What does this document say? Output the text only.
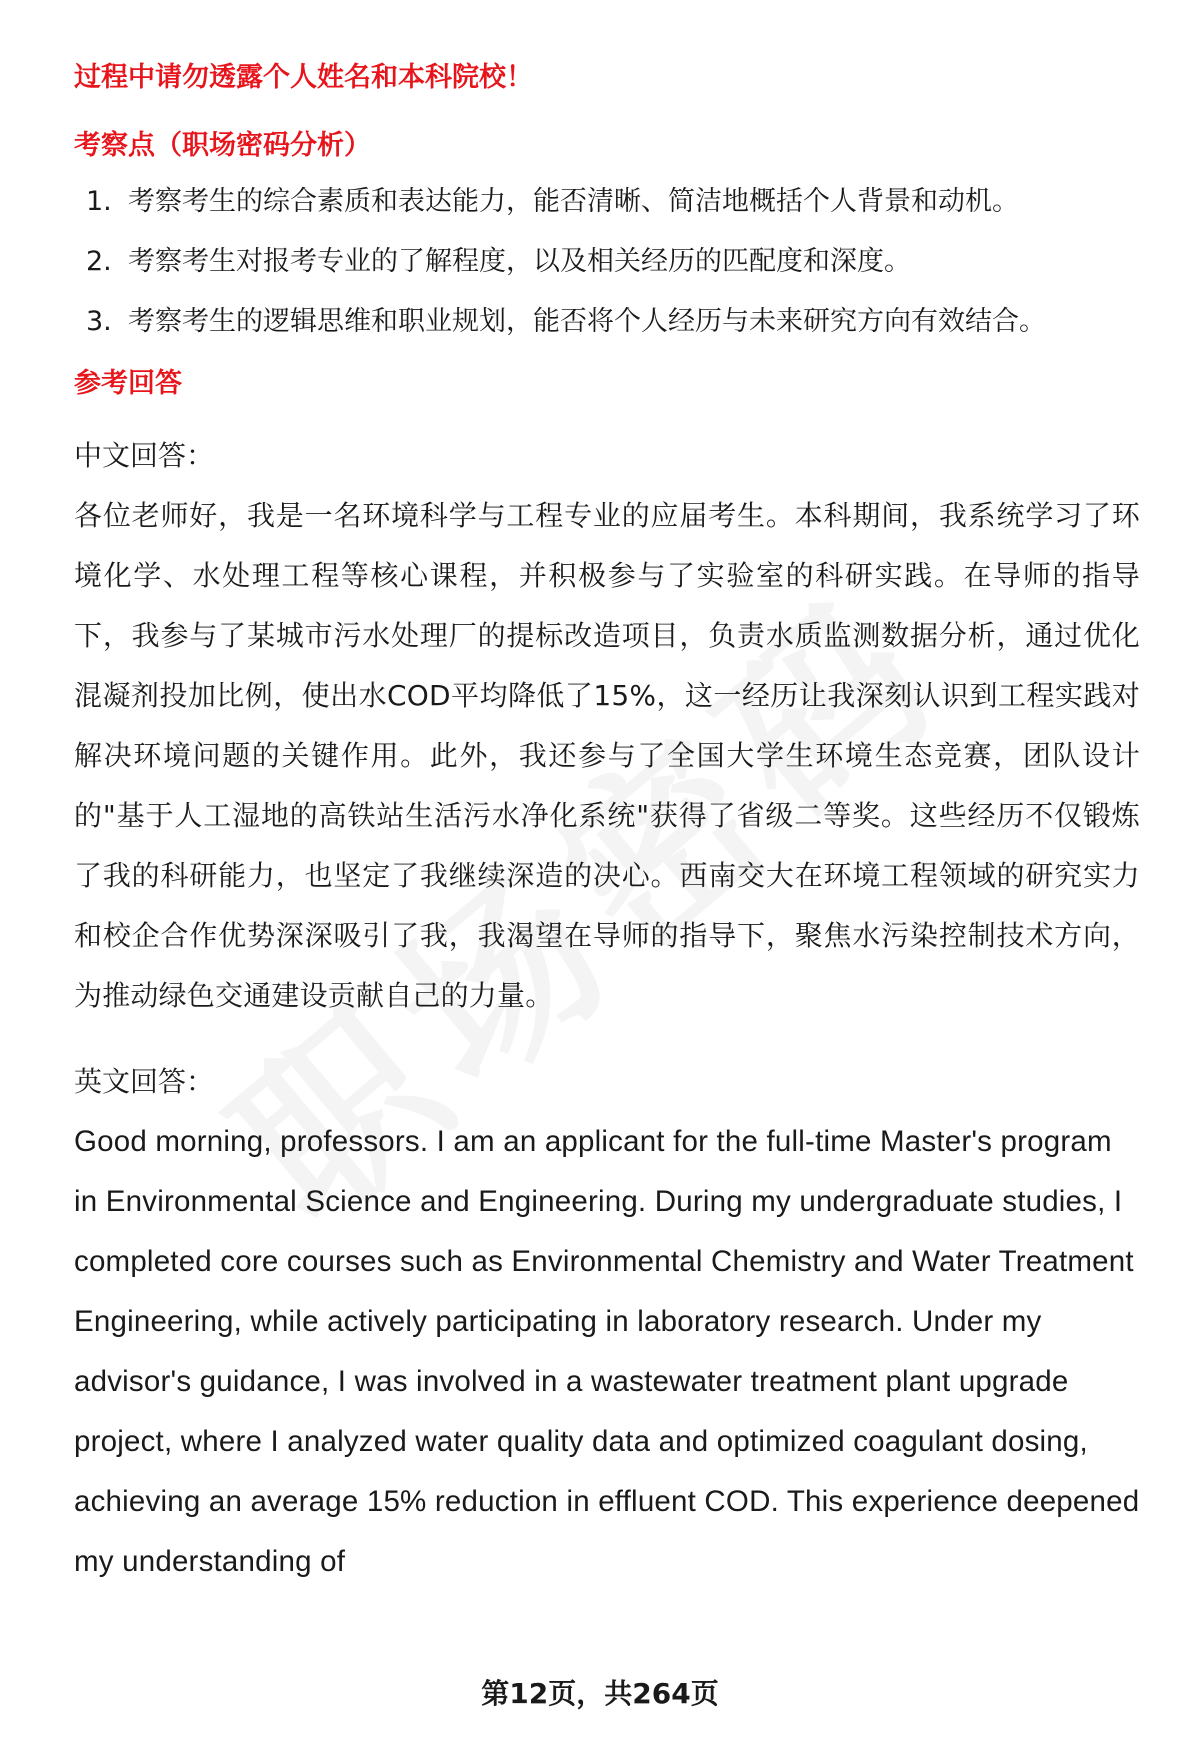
过程中请勿透露个人姓名和本科院校！
考察点（职场密码分析）
1. 考察考生的综合素质和表达能力，能否清晰、简洁地概括个人背景和动机。
2. 考察考生对报考专业的了解程度，以及相关经历的匹配度和深度。
3. 考察考生的逻辑思维和职业规划，能否将个人经历与未来研究方向有效结合。
参考回答
中文回答：
各位老师好，我是一名环境科学与工程专业的应届考生。本科期间，我系统学习了环境化学、水处理工程等核心课程，并积极参与了实验室的科研实践。在导师的指导下，我参与了某城市污水处理厂的提标改造项目，负责水质监测数据分析，通过优化混凝剂投加比例，使出水COD平均降低了15%，这一经历让我深刻认识到工程实践对解决环境问题的关键作用。此外，我还参与了全国大学生环境生态竞赛，团队设计的"基于人工湿地的高铁站生活污水净化系统"获得了省级二等奖。这些经历不仅锻炼了我的科研能力，也坚定了我继续深造的决心。西南交大在环境工程领域的研究实力和校企合作优势深深吸引了我，我渴望在导师的指导下，聚焦水污染控制技术方向，为推动绿色交通建设贡献自己的力量。
英文回答：
Good morning, professors. I am an applicant for the full-time Master's program in Environmental Science and Engineering. During my undergraduate studies, I completed core courses such as Environmental Chemistry and Water Treatment Engineering, while actively participating in laboratory research. Under my advisor's guidance, I was involved in a wastewater treatment plant upgrade project, where I analyzed water quality data and optimized coagulant dosing, achieving an average 15% reduction in effluent COD. This experience deepened my understanding of
第12页，共264页
